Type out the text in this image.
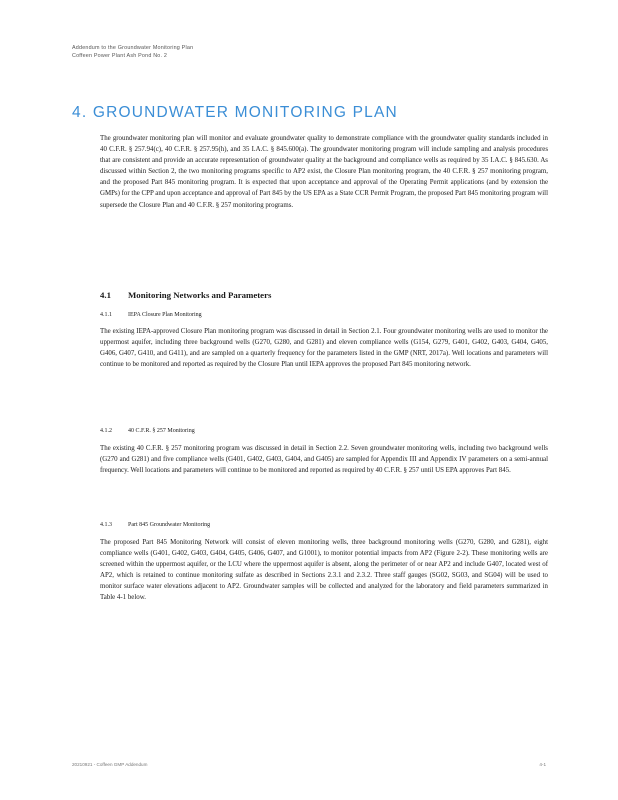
Addendum to the Groundwater Monitoring Plan
Coffeen Power Plant Ash Pond No. 2
4. GROUNDWATER MONITORING PLAN

The groundwater monitoring plan will monitor and evaluate groundwater quality to demonstrate compliance with the groundwater quality standards included in 40 C.F.R. § 257.94(c), 40 C.F.R. § 257.95(h), and 35 I.A.C. § 845.600(a). The groundwater monitoring program will include sampling and analysis procedures that are consistent and provide an accurate representation of groundwater quality at the background and compliance wells as required by 35 I.A.C. § 845.630. As discussed within Section 2, the two monitoring programs specific to AP2 exist, the Closure Plan monitoring program, the 40 C.F.R. § 257 monitoring program, and the proposed Part 845 monitoring program. It is expected that upon acceptance and approval of the Operating Permit applications (and by extension the GMPs) for the CPP and upon acceptance and approval of Part 845 by the US EPA as a State CCR Permit Program, the proposed Part 845 monitoring program will supersede the Closure Plan and 40 C.F.R. § 257 monitoring programs.

4.1 Monitoring Networks and Parameters
4.1.1	IEPA Closure Plan Monitoring

The existing IEPA-approved Closure Plan monitoring program was discussed in detail in Section 2.1. Four groundwater monitoring wells are used to monitor the uppermost aquifer, including three background wells (G270, G280, and G281) and eleven compliance wells (G154, G279, G401, G402, G403, G404, G405, G406, G407, G410, and G411), and are sampled on a quarterly frequency for the parameters listed in the GMP (NRT, 2017a). Well locations and parameters will continue to be monitored and reported as required by the Closure Plan until IEPA approves the proposed Part 845 monitoring network.

4.1.2	40 C.F.R. § 257 Monitoring

The existing 40 C.F.R. § 257 monitoring program was discussed in detail in Section 2.2. Seven groundwater monitoring wells, including two background wells (G270 and G281) and five compliance wells (G401, G402, G403, G404, and G405) are sampled for Appendix III and Appendix IV parameters on a semi-annual frequency. Well locations and parameters will continue to be monitored and reported as required by 40 C.F.R. § 257 until US EPA approves Part 845.

4.1.3	Part 845 Groundwater Monitoring

The proposed Part 845 Monitoring Network will consist of eleven monitoring wells, three background monitoring wells (G270, G280, and G281), eight compliance wells (G401, G402, G403, G404, G405, G406, G407, and G1001), to monitor potential impacts from AP2 (Figure 2-2). These monitoring wells are screened within the uppermost aquifer, or the LCU where the uppermost aquifer is absent, along the perimeter of or near AP2 and include G407, located west of AP2, which is retained to continue monitoring sulfate as described in Sections 2.3.1 and 2.3.2. Three staff gauges (SG02, SG03, and SG04) will be used to monitor surface water elevations adjacent to AP2. Groundwater samples will be collected and analyzed for the laboratory and field parameters summarized in Table 4-1 below.

20210921 - Coffeen GMP Addendum	4-1
